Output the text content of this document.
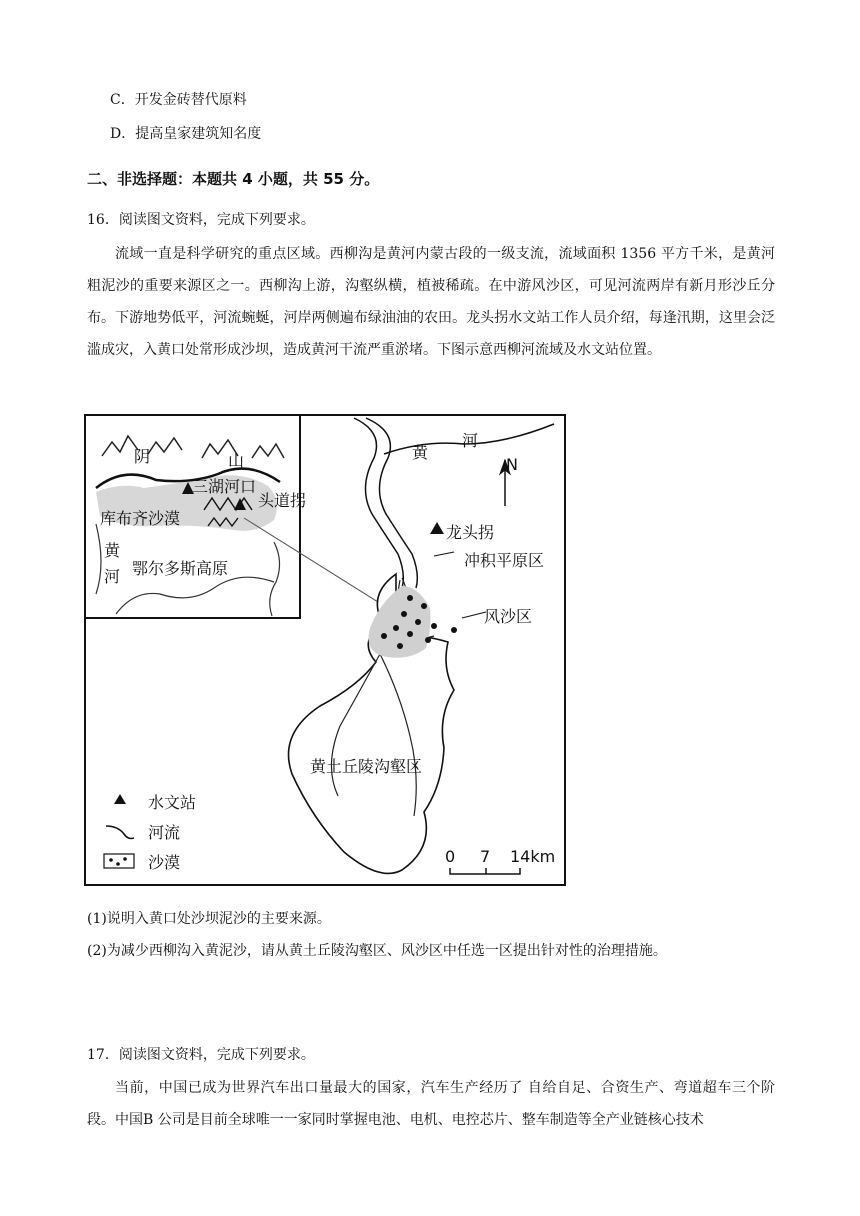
C．开发金砖替代原料
D．提高皇家建筑知名度
二、非选择题：本题共 4 小题，共 55 分。
16．阅读图文资料，完成下列要求。
流域一直是科学研究的重点区域。西柳沟是黄河内蒙古段的一级支流，流域面积 1356 平方千米，是黄河粗泥沙的重要来源区之一。西柳沟上游，沟壑纵横，植被稀疏。在中游风沙区，可见河流两岸有新月形沙丘分布。下游地势低平，河流蜿蜒，河岸两侧遍布绿油油的农田。龙头拐水文站工作人员介绍，每逢汛期，这里会泛滥成灾，入黄口处常形成沙坝，造成黄河干流严重淤堵。下图示意西柳河流域及水文站位置。
阴	山
三湖河口
头道拐
库布齐沙漠
黄
河 鄂尔多斯高原
黄
河
N
龙头拐
冲积平原区
风沙区
黄土丘陵沟壑区
水文站
河流
沙漠	0 7 14km
(1)说明入黄口处沙坝泥沙的主要来源。
(2)为减少西柳沟入黄泥沙，请从黄土丘陵沟壑区、风沙区中任选一区提出针对性的治理措施。
17．阅读图文资料，完成下列要求。
当前，中国已成为世界汽车出口量最大的国家，汽车生产经历了 自给自足、合资生产、弯道超车三个阶段。中国B 公司是目前全球唯一一家同时掌握电池、电机、电控芯片、整车制造等全产业链核心技术
